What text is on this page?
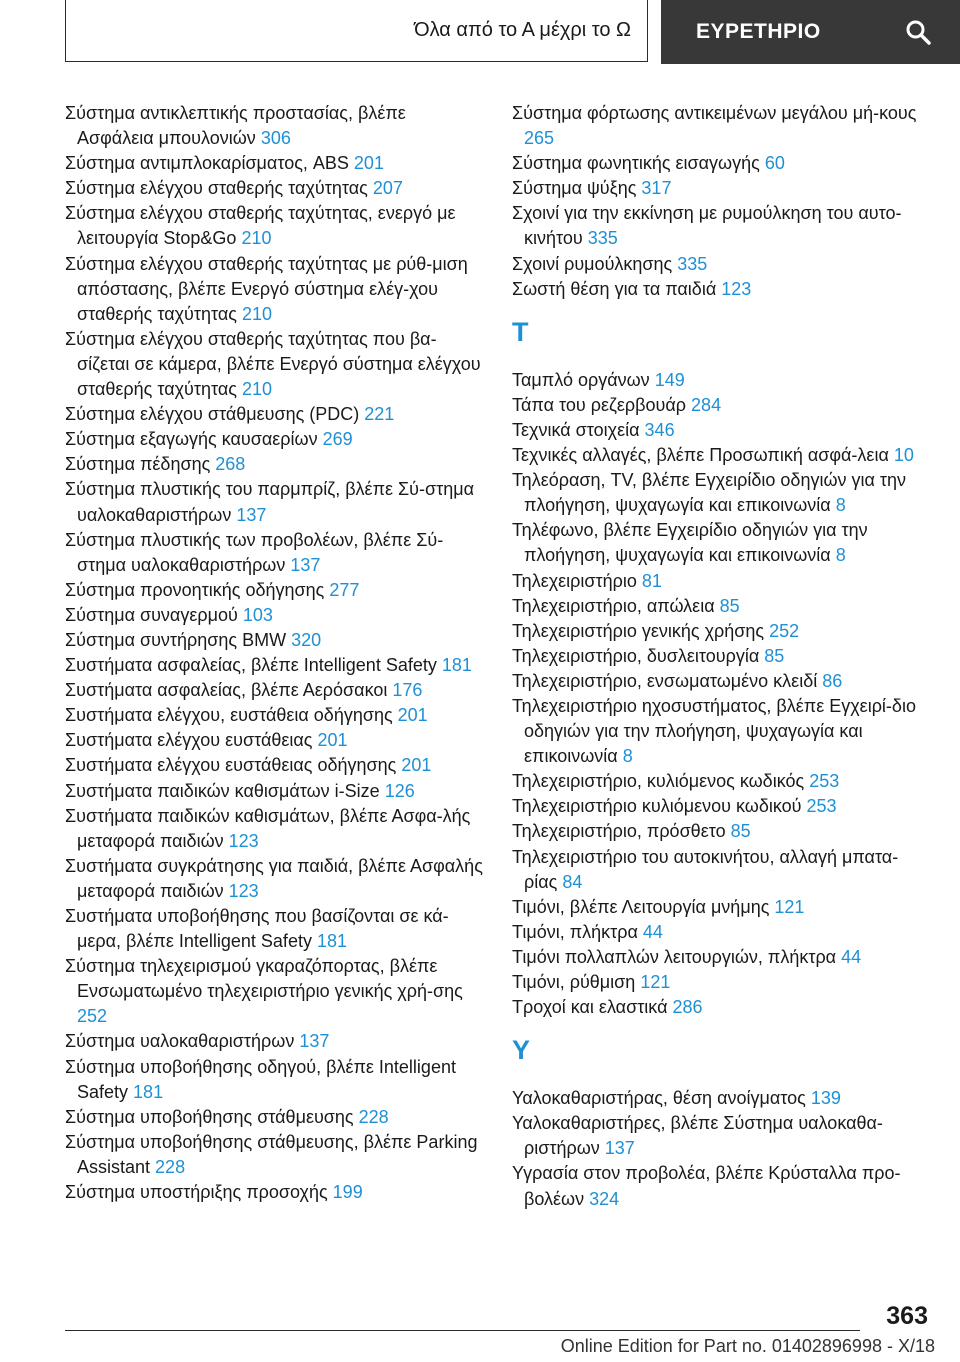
Όλα από το Α μέχρι το Ω	ΕΥΡΕΤΗΡΙΟ

Σύστημα αντικλεπτικής προστασίας, βλέπε Ασφάλεια μπουλονιών 306

Σύστημα αντιμπλοκαρίσματος, ABS 201

Σύστημα ελέγχου σταθερής ταχύτητας 207

Σύστημα ελέγχου σταθερής ταχύτητας, ενεργό με λειτουργία Stop&Go 210

Σύστημα ελέγχου σταθερής ταχύτητας με ρύθ-μιση απόστασης, βλέπε Ενεργό σύστημα ελέγ-χου σταθερής ταχύτητας 210

Σύστημα ελέγχου σταθερής ταχύτητας που βα-σίζεται σε κάμερα, βλέπε Ενεργό σύστημα ελέγχου σταθερής ταχύτητας 210

Σύστημα ελέγχου στάθμευσης (PDC) 221

Σύστημα εξαγωγής καυσαερίων 269

Σύστημα πέδησης 268

Σύστημα πλυστικής του παρμπρίζ, βλέπε Σύ-στημα υαλοκαθαριστήρων 137

Σύστημα πλυστικής των προβολέων, βλέπε Σύ-στημα υαλοκαθαριστήρων 137

Σύστημα προνοητικής οδήγησης 277

Σύστημα συναγερμού 103

Σύστημα συντήρησης BMW 320

Συστήματα ασφαλείας, βλέπε Intelligent Safety 181

Συστήματα ασφαλείας, βλέπε Αερόσακοι 176

Συστήματα ελέγχου, ευστάθεια οδήγησης 201

Συστήματα ελέγχου ευστάθειας 201

Συστήματα ελέγχου ευστάθειας οδήγησης 201

Συστήματα παιδικών καθισμάτων i-Size 126

Συστήματα παιδικών καθισμάτων, βλέπε Ασφα-λής μεταφορά παιδιών 123

Συστήματα συγκράτησης για παιδιά, βλέπε Ασφαλής μεταφορά παιδιών 123

Συστήματα υποβοήθησης που βασίζονται σε κά-μερα, βλέπε Intelligent Safety 181

Σύστημα τηλεχειρισμού γκαραζόπορτας, βλέπε Ενσωματωμένο τηλεχειριστήριο γενικής χρή-σης 252

Σύστημα υαλοκαθαριστήρων 137

Σύστημα υποβοήθησης οδηγού, βλέπε Intelligent Safety 181

Σύστημα υποβοήθησης στάθμευσης 228

Σύστημα υποβοήθησης στάθμευσης, βλέπε Parking Assistant 228

Σύστημα υποστήριξης προσοχής 199

Σύστημα φόρτωσης αντικειμένων μεγάλου μή-κους 265

Σύστημα φωνητικής εισαγωγής 60

Σύστημα ψύξης 317

Σχοινί για την εκκίνηση με ρυμούλκηση του αυτο-κινήτου 335

Σχοινί ρυμούλκησης 335

Σωστή θέση για τα παιδιά 123

T

Ταμπλό οργάνων 149

Τάπα του ρεζερβουάρ 284

Τεχνικά στοιχεία 346

Τεχνικές αλλαγές, βλέπε Προσωπική ασφά-λεια 10

Τηλεόραση, TV, βλέπε Εγχειρίδιο οδηγιών για την πλοήγηση, ψυχαγωγία και επικοινωνία 8

Τηλέφωνο, βλέπε Εγχειρίδιο οδηγιών για την πλοήγηση, ψυχαγωγία και επικοινωνία 8

Τηλεχειριστήριο 81

Τηλεχειριστήριο, απώλεια 85

Τηλεχειριστήριο γενικής χρήσης 252

Τηλεχειριστήριο, δυσλειτουργία 85

Τηλεχειριστήριο, ενσωματωμένο κλειδί 86

Τηλεχειριστήριο ηχοσυστήματος, βλέπε Εγχειρί-διο οδηγιών για την πλοήγηση, ψυχαγωγία και επικοινωνία 8

Τηλεχειριστήριο, κυλιόμενος κωδικός 253

Τηλεχειριστήριο κυλιόμενου κωδικού 253

Τηλεχειριστήριο, πρόσθετο 85

Τηλεχειριστήριο του αυτοκινήτου, αλλαγή μπατα-ρίας 84

Τιμόνι, βλέπε Λειτουργία μνήμης 121

Τιμόνι, πλήκτρα 44

Τιμόνι πολλαπλών λειτουργιών, πλήκτρα 44

Τιμόνι, ρύθμιση 121

Τροχοί και ελαστικά 286

Y

Υαλοκαθαριστήρας, θέση ανοίγματος 139

Υαλοκαθαριστήρες, βλέπε Σύστημα υαλοκαθα-ριστήρων 137

Υγρασία στον προβολέα, βλέπε Κρύσταλλα προ-βολέων 324

363
Online Edition for Part no. 01402896998 - X/18
